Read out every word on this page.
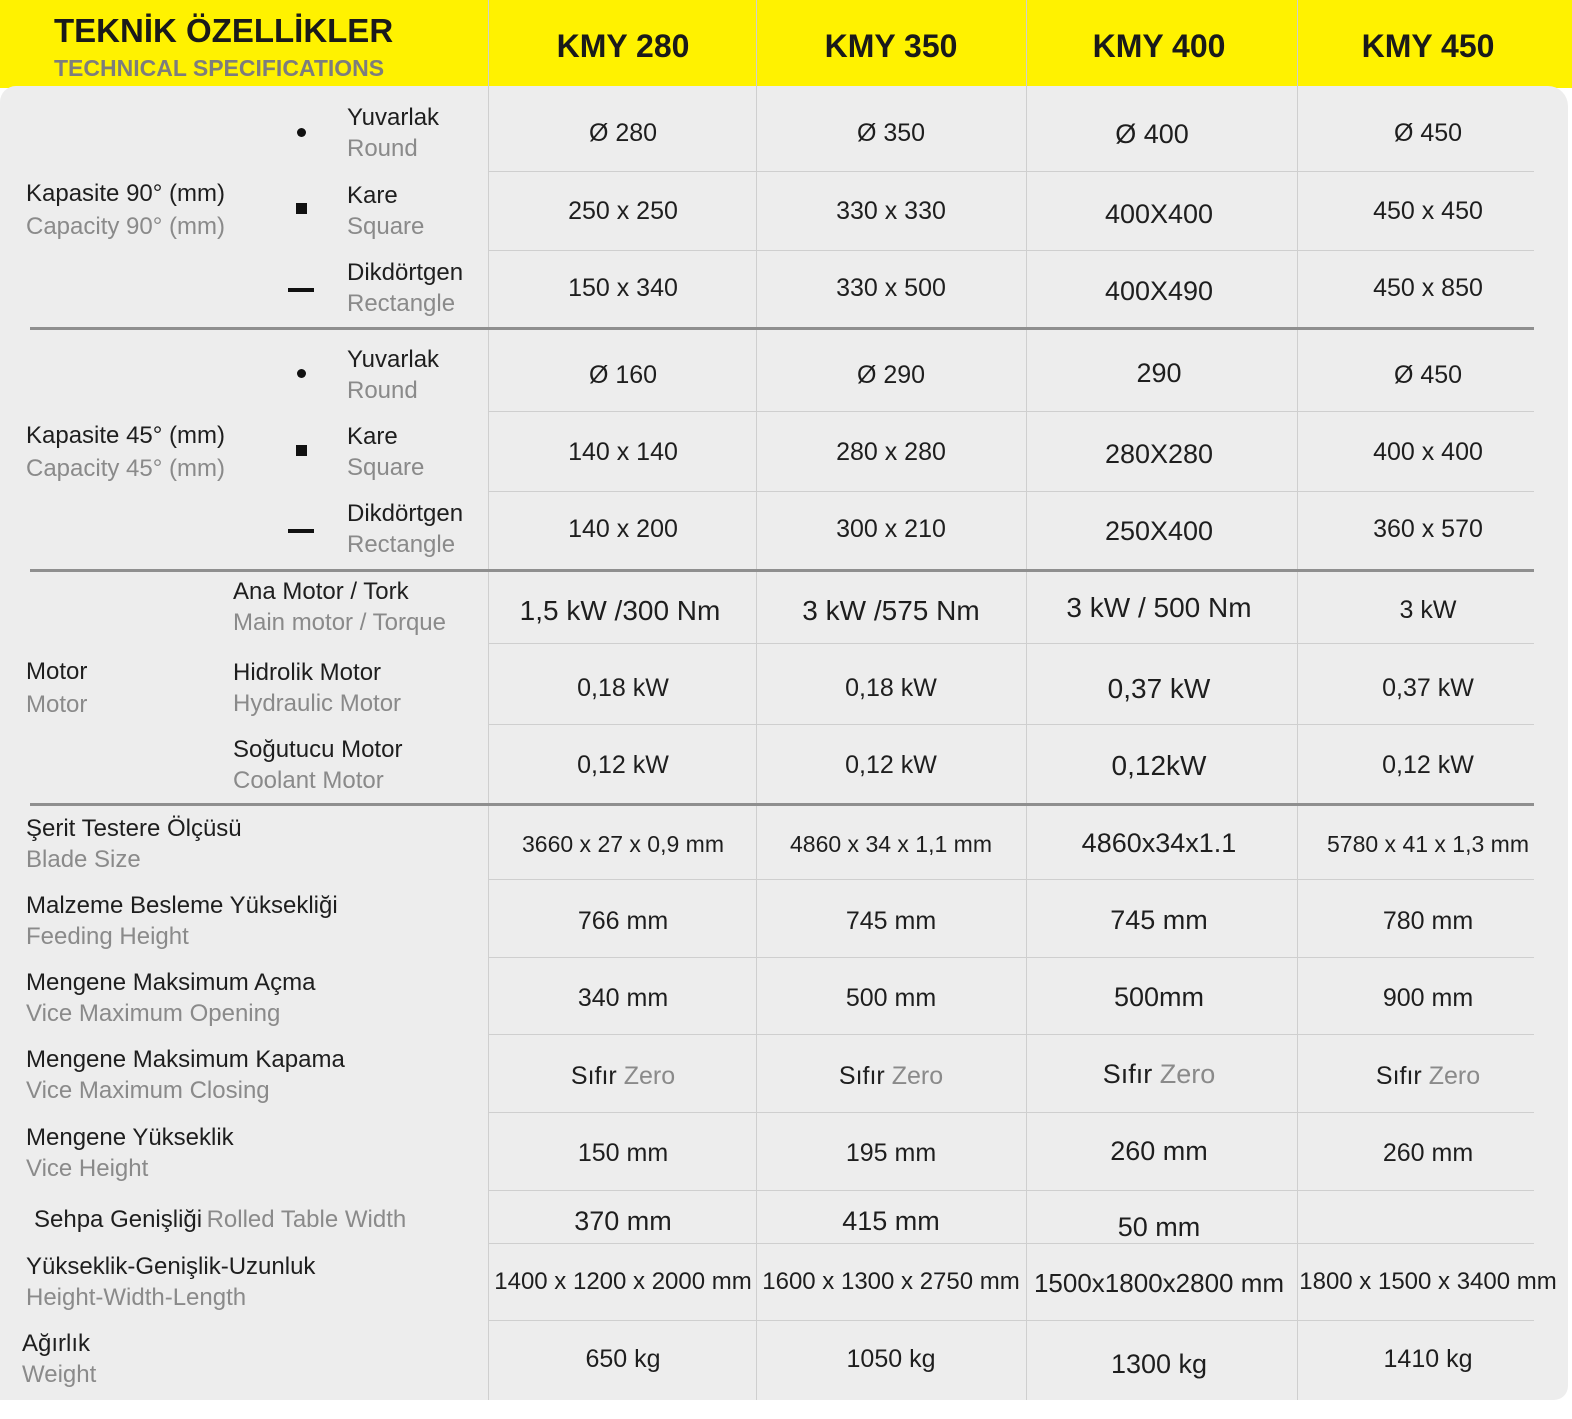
TEKNİK ÖZELLİKLER
TECHNICAL SPECIFICATIONS
KMY 280	KMY 350	KMY 400	KMY 450
Kapasite 90° (mm)
Capacity 90° (mm)
Yuvarlak
Round
Kare
Square
Dikdörtgen
Rectangle
Ø 280	Ø 350	Ø 400	Ø 450
250 x 250	330 x 330	400X400	450 x 450
150 x 340	330 x 500	400X490	450 x 850
Kapasite 45° (mm)
Capacity 45° (mm)
Yuvarlak
Round
Kare
Square
Dikdörtgen
Rectangle
Ø 160	Ø 290	290	Ø 450
140 x 140	280 x 280	280X280	400 x 400
140 x 200	300 x 210	250X400	360 x 570
Motor
Motor
Ana Motor / Tork
Main motor / Torque
Hidrolik Motor
Hydraulic Motor
Soğutucu Motor
Coolant Motor
1,5 kW /300 Nm	3 kW /575 Nm	3 kW / 500 Nm	3 kW
0,18 kW	0,18 kW	0,37 kW	0,37 kW
0,12 kW	0,12 kW	0,12kW	0,12 kW
Şerit Testere Ölçüsü
Blade Size
3660 x 27 x 0,9 mm	4860 x 34 x 1,1 mm	4860x34x1.1	5780 x 41 x 1,3 mm
Malzeme Besleme Yüksekliği
Feeding Height
766 mm	745 mm	745 mm	780 mm
Mengene Maksimum Açma
Vice Maximum Opening
340 mm	500 mm	500mm	900 mm
Mengene Maksimum Kapama
Vice Maximum Closing
Sıfır Zero	Sıfır Zero	Sıfır Zero	Sıfır Zero
Mengene Yükseklik
Vice Height
150 mm	195 mm	260 mm	260 mm
Sehpa Genişliği Rolled Table Width	370 mm	415 mm	50 mm
Yükseklik-Genişlik-Uzunluk
Height-Width-Length
1400 x 1200 x 2000 mm 1600 x 1300 x 2750 mm 1500x1800x2800 mm 1800 x 1500 x 3400 mm
Ağırlık
Weight
650 kg	1050 kg	1300 kg	1410 kg
